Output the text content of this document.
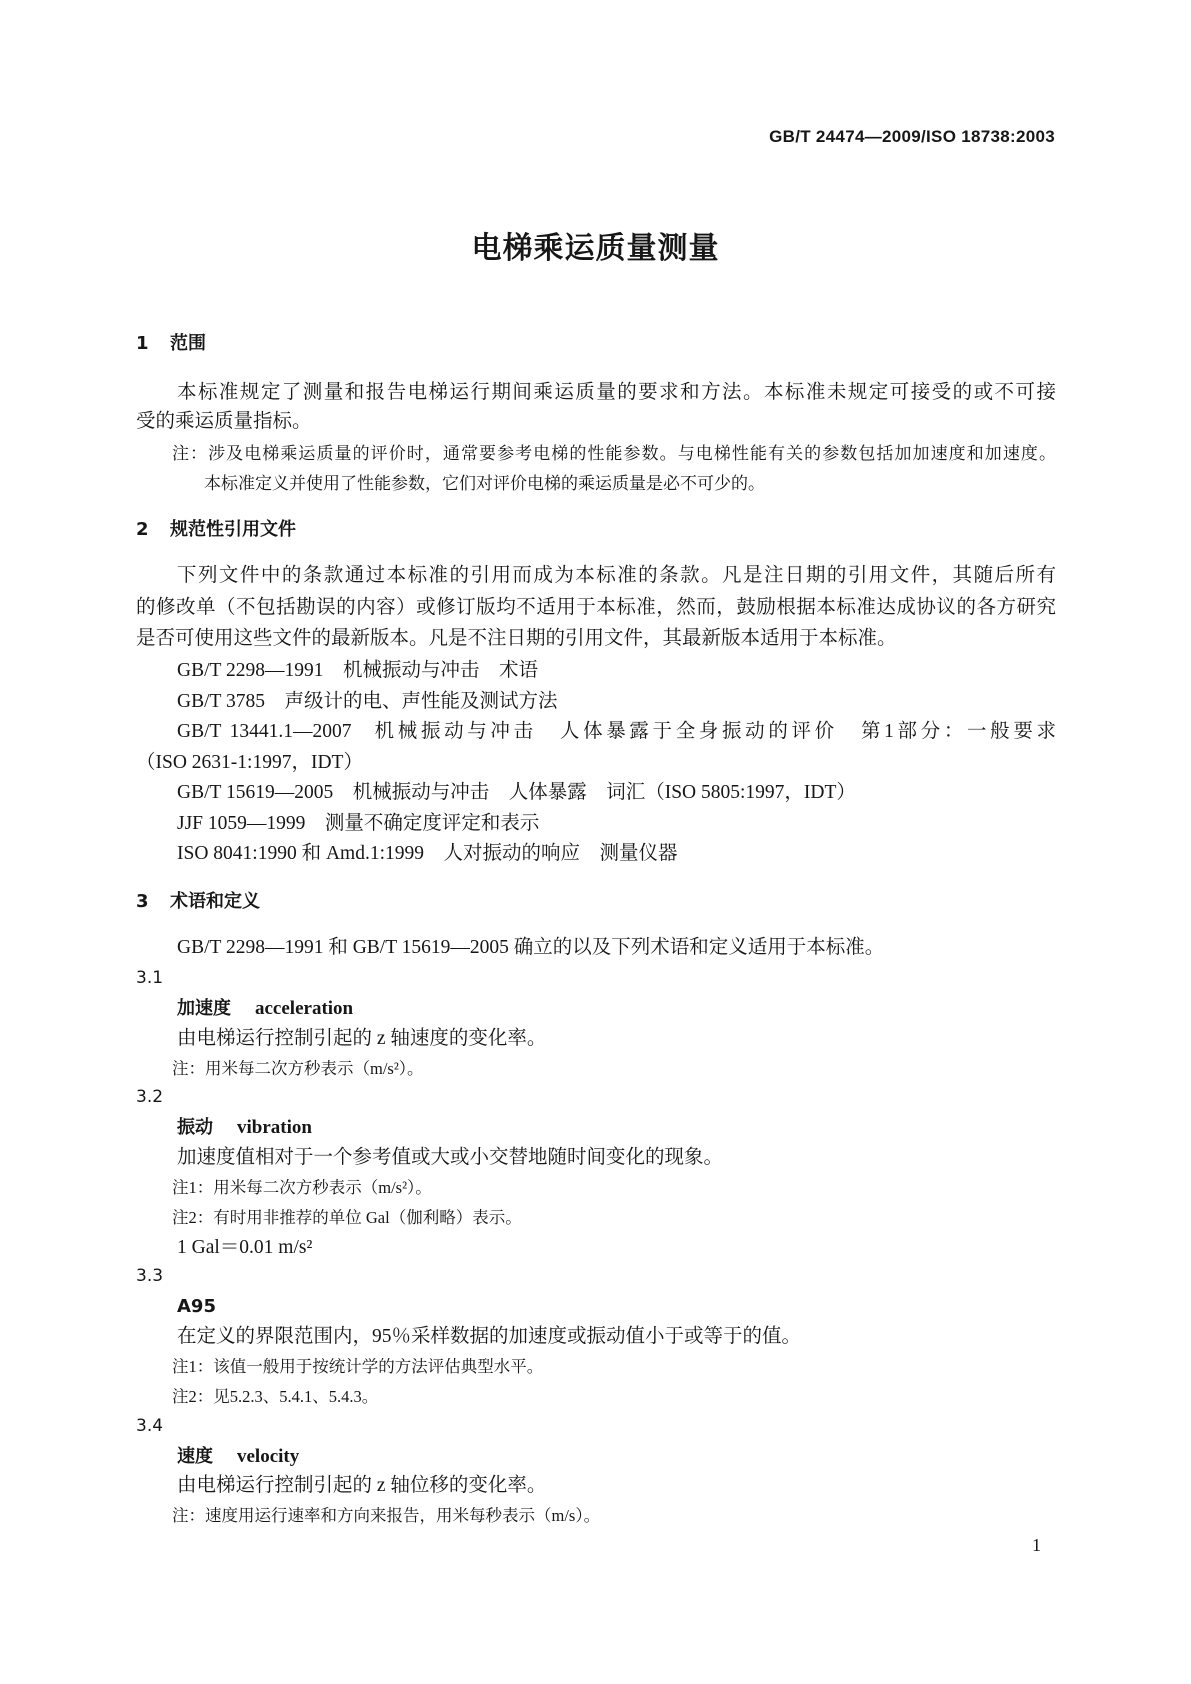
GB/T 24474—2009/ISO 18738:2003
电梯乘运质量测量
1 范围
本标准规定了测量和报告电梯运行期间乘运质量的要求和方法。本标准未规定可接受的或不可接
受的乘运质量指标。
注：涉及电梯乘运质量的评价时，通常要参考电梯的性能参数。与电梯性能有关的参数包括加加速度和加速度。
本标准定义并使用了性能参数，它们对评价电梯的乘运质量是必不可少的。
2 规范性引用文件
下列文件中的条款通过本标准的引用而成为本标准的条款。凡是注日期的引用文件，其随后所有
的修改单（不包括勘误的内容）或修订版均不适用于本标准，然而，鼓励根据本标准达成协议的各方研究
是否可使用这些文件的最新版本。凡是不注日期的引用文件，其最新版本适用于本标准。
GB/T 2298—1991 机械振动与冲击　术语
GB/T 3785 声级计的电、声性能及测试方法
GB/T 13441.1—2007 机械振动与冲击　人体暴露于全身振动的评价　第1部分：一般要求
（ISO 2631-1:1997，IDT）
GB/T 15619—2005 机械振动与冲击　人体暴露　词汇（ISO 5805:1997，IDT）
JJF 1059—1999 测量不确定度评定和表示
ISO 8041:1990 和 Amd.1:1999 人对振动的响应　测量仪器
3 术语和定义
GB/T 2298—1991 和 GB/T 15619—2005 确立的以及下列术语和定义适用于本标准。
3.1
加速度 acceleration
由电梯运行控制引起的 z 轴速度的变化率。
注：用米每二次方秒表示（m/s²）。
3.2
振动 vibration
加速度值相对于一个参考值或大或小交替地随时间变化的现象。
注1：用米每二次方秒表示（m/s²）。
注2：有时用非推荐的单位 Gal（伽利略）表示。
1 Gal＝0.01 m/s²
3.3
A95
在定义的界限范围内，95％采样数据的加速度或振动值小于或等于的值。
注1：该值一般用于按统计学的方法评估典型水平。
注2：见5.2.3、5.4.1、5.4.3。
3.4
速度 velocity
由电梯运行控制引起的 z 轴位移的变化率。
注：速度用运行速率和方向来报告，用米每秒表示（m/s）。
1
